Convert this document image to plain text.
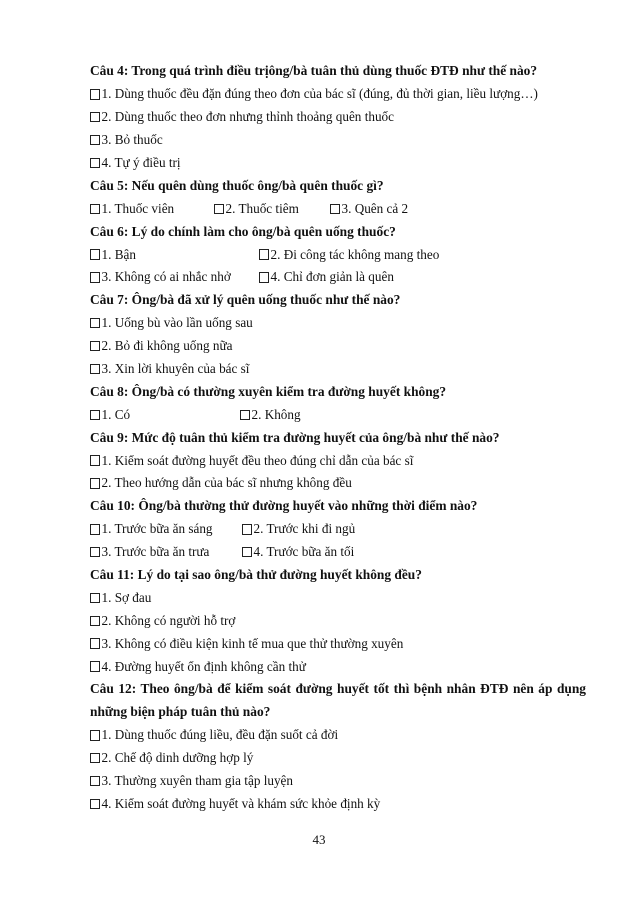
Câu 4: Trong quá trình điều trịông/bà tuân thủ dùng thuốc ĐTĐ như thế nào?
1. Dùng thuốc đều đặn đúng theo đơn của bác sĩ (đúng, đủ thời gian, liều lượng…)
2. Dùng thuốc theo đơn nhưng thỉnh thoảng quên thuốc
3. Bỏ thuốc
4. Tự ý điều trị
Câu 5: Nếu quên dùng thuốc ông/bà quên thuốc gì?
1. Thuốc viên	2. Thuốc tiêm	3. Quên cả 2
Câu 6: Lý do chính làm cho ông/bà quên uống thuốc?
1. Bận	2. Đi công tác không mang theo
3. Không có ai nhắc nhở	4. Chỉ đơn giản là quên
Câu 7: Ông/bà đã xử lý quên uống thuốc như thế nào?
1. Uống bù vào lần uống sau
2. Bỏ đi không uống nữa
3. Xin lời khuyên của bác sĩ
Câu 8: Ông/bà có thường xuyên kiểm tra đường huyết không?
1. Có	2. Không
Câu 9: Mức độ tuân thủ kiểm tra đường huyết của ông/bà như thế nào?
1. Kiểm soát đường huyết đều theo đúng chỉ dẫn của bác sĩ
2. Theo hướng dẫn của bác sĩ nhưng không đều
Câu 10: Ông/bà thường thử đường huyết vào những thời điểm nào?
1. Trước bữa ăn sáng	2. Trước khi đi ngủ
3. Trước bữa ăn trưa	4. Trước bữa ăn tối
Câu 11: Lý do tại sao ông/bà thử đường huyết không đều?
1. Sợ đau
2. Không có người hỗ trợ
3. Không có điều kiện kinh tế mua que thử thường xuyên
4. Đường huyết ổn định không cần thử
Câu 12: Theo ông/bà để kiểm soát đường huyết tốt thì bệnh nhân ĐTĐ nên áp dụng những biện pháp tuân thủ nào?
1. Dùng thuốc đúng liều, đều đặn suốt cả đời
2. Chế độ dinh dưỡng hợp lý
3. Thường xuyên tham gia tập luyện
4. Kiểm soát đường huyết và khám sức khỏe định kỳ
43
